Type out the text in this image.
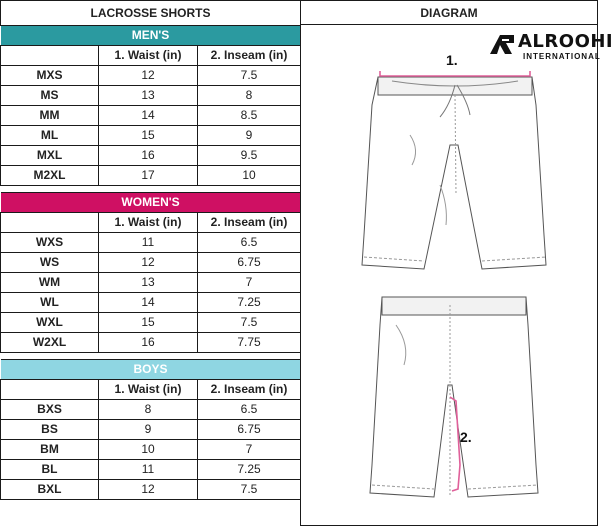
LACROSSE SHORTS		
MEN'S		
	1. Waist (in)	2. Inseam (in)
MXS	12	7.5
MS	13	8
MM	14	8.5
ML	15	9
MXL	16	9.5
M2XL	17	10

WOMEN'S		
	1. Waist (in)	2. Inseam (in)
WXS	11	6.5
WS	12	6.75
WM	13	7
WL	14	7.25
WXL	15	7.5
W2XL	16	7.75

BOYS		
	1. Waist (in)	2. Inseam (in)
BXS	8	6.5
BS	9	6.75
BM	10	7
BL	11	7.25
BXL	12	7.5
DIAGRAM
ALROOHI
INTERNATIONAL
1.
2.
